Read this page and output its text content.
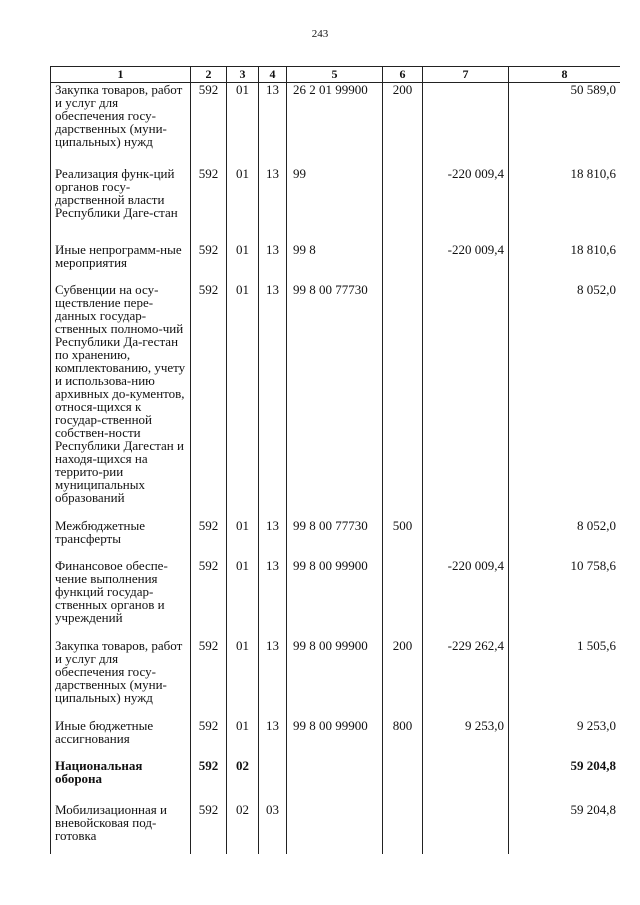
243
1	2	3	4	5	6	7	8
Закупка товаров, работ и услуг для обеспечения госу-дарственных (муни-ципальных) нужд	592	01	13	26 2 01 99900	200		50 589,0
Реализация функ-ций органов госу-дарственной власти Республики Даге-стан	592	01	13	99		-220 009,4	18 810,6
Иные непрограмм-ные мероприятия	592	01	13	99 8		-220 009,4	18 810,6
Субвенции на осу-ществление пере-данных государ-ственных полномо-чий Республики Да-гестан по хранению, комплектованию, учету и использова-нию архивных до-кументов, относя-щихся к государ-ственной собствен-ности Республики Дагестан и находя-щихся на террито-рии муниципальных образований	592	01	13	99 8 00 77730			8 052,0
Межбюджетные трансферты	592	01	13	99 8 00 77730	500		8 052,0
Финансовое обеспе-чение выполнения функций государ-ственных органов и учреждений	592	01	13	99 8 00 99900		-220 009,4	10 758,6
Закупка товаров, работ и услуг для обеспечения госу-дарственных (муни-ципальных) нужд	592	01	13	99 8 00 99900	200	-229 262,4	1 505,6
Иные бюджетные ассигнования	592	01	13	99 8 00 99900	800	9 253,0	9 253,0
Национальная оборона	592	02					59 204,8
Мобилизационная и вневойсковая под-готовка	592	02	03				59 204,8
